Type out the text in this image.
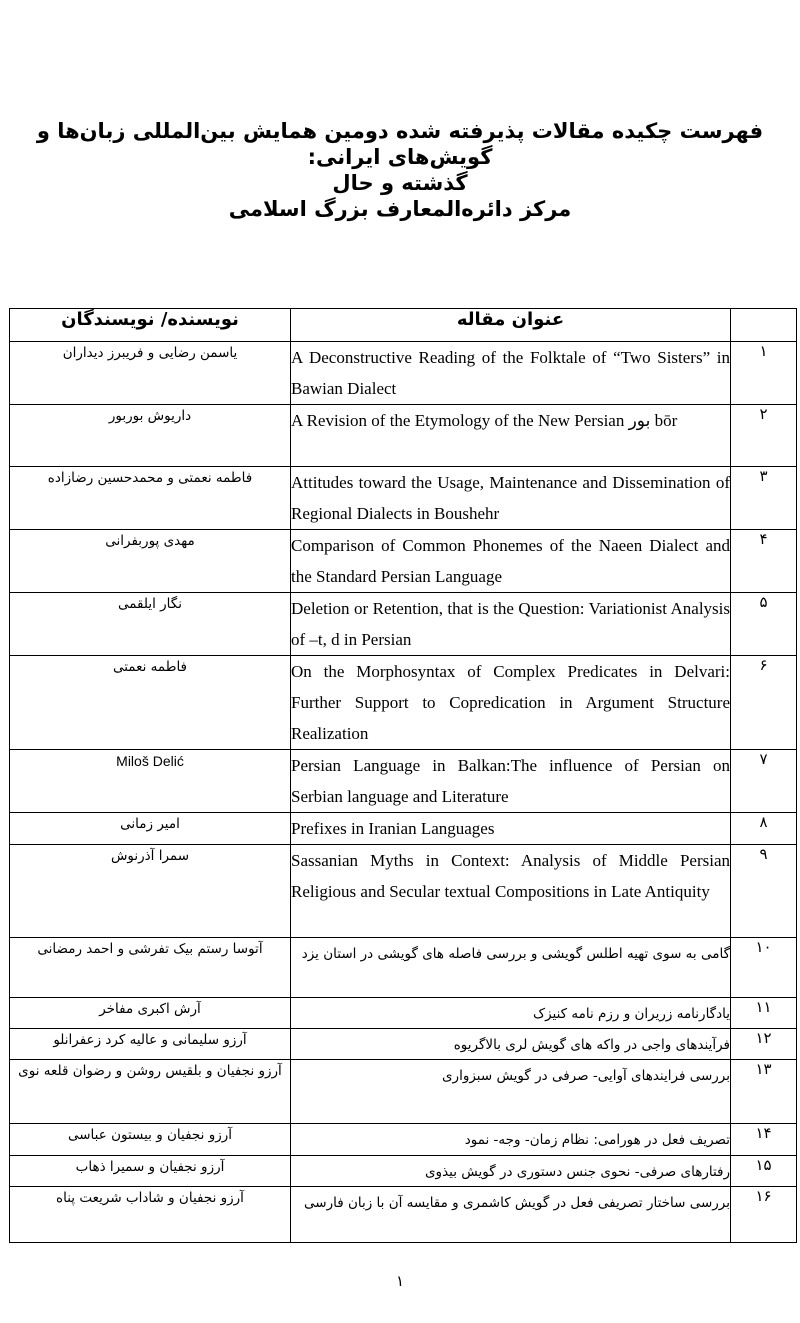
فهرست چکیده مقالات پذیرفته شده دومین همایش بین‌المللی زبان‌ها و گویش‌های ایرانی:
گذشته و حال
مرکز دائره‌المعارف بزرگ اسلامی
نویسنده/ نویسندگان	عنوان مقاله	
یاسمن رضایی و فریبرز دیداران	A Deconstructive Reading of the Folktale of “Two Sisters” in Bawian Dialect	۱
داریوش بوربور	A Revision of the Etymology of the New Persian بور bōr	۲
فاطمه نعمتی و محمدحسین رضازاده	Attitudes toward the Usage, Maintenance and Dissemination of Regional Dialects in Boushehr	۳
مهدی پوربفرانی	Comparison of Common Phonemes of the Naeen Dialect and the Standard Persian Language	۴
نگار ایلقمی	Deletion or Retention, that is the Question: Variationist Analysis of –t, d in Persian	۵
فاطمه نعمتی	On the Morphosyntax of Complex Predicates in Delvari: Further Support to Copredication in Argument Structure Realization	۶
Miloš Delić	Persian Language in Balkan:The influence of Persian on Serbian language and Literature	۷
امیر زمانی	Prefixes in Iranian Languages	۸
سمرا آذرنوش	Sassanian Myths in Context: Analysis of Middle Persian Religious and Secular textual Compositions in Late Antiquity	۹
آتوسا رستم بیک تفرشی و احمد رمضانی	گامی به سوی تهیه اطلس گویشی و بررسی فاصله های گویشی در استان یزد	۱۰
آرش اکبری مفاخر	یادگارنامه زریران و رزم نامه کنیزک	۱۱
آرزو سلیمانی و عالیه کرد زعفرانلو	فرآیندهای واجی در واکه های گویش لری بالاگریوه	۱۲
آرزو نجفیان و بلقیس روشن و رضوان قلعه نوی	بررسی فرایندهای آوایی- صرفی در گویش سبزواری	۱۳
آرزو نجفیان و بیستون عباسی	تصریف فعل در هورامی: نظام زمان- وجه- نمود	۱۴
آرزو نجفیان و سمیرا ذهاب	رفتارهای صرفی- نحوی جنس دستوری در گویش بیذوی	۱۵
آرزو نجفیان و شاداب شریعت پناه	بررسی ساختار تصریفی فعل در گویش کاشمری و مقایسه آن با زبان فارسی	۱۶
۱
